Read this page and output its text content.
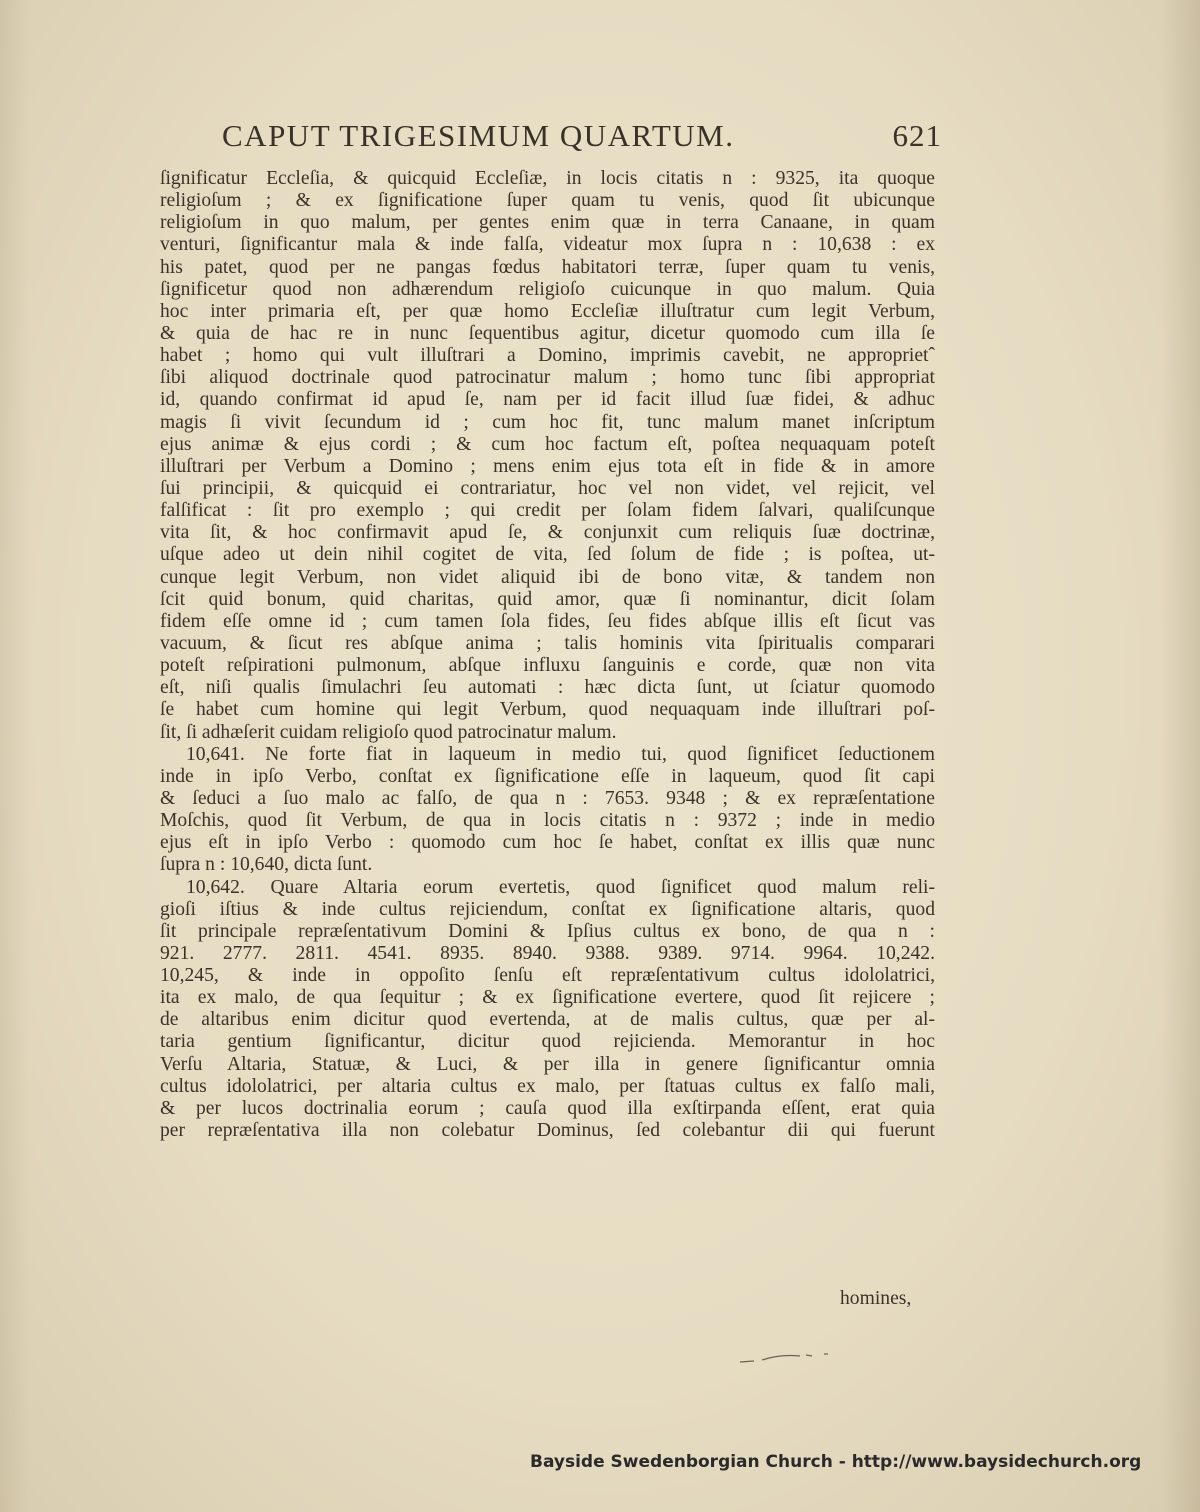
CAPUT TRIGESIMUM QUARTUM.	621
ſignificatur Eccleſia, & quicquid Eccleſiæ, in locis citatis n : 9325, ita quoque
religioſum ; & ex ſignificatione ſuper quam tu venis, quod ſit ubicunque
religioſum in quo malum, per gentes enim quæ in terra Canaane, in quam
venturi, ſignificantur mala & inde falſa, videatur mox ſupra n : 10,638 : ex
his patet, quod per ne pangas fœdus habitatori terræ, ſuper quam tu venis,
ſignificetur quod non adhærendum religioſo cuicunque in quo malum. Quia
hoc inter primaria eſt, per quæ homo Eccleſiæ illuſtratur cum legit Verbum,
& quia de hac re in nunc ſequentibus agitur, dicetur quomodo cum illa ſe
habet ; homo qui vult illuſtrari a Domino, imprimis cavebit, ne approprietˆ
ſibi aliquod doctrinale quod patrocinatur malum ; homo tunc ſibi appropriat
id, quando confirmat id apud ſe, nam per id facit illud ſuæ fidei, & adhuc
magis ſi vivit ſecundum id ; cum hoc fit, tunc malum manet inſcriptum
ejus animæ & ejus cordi ; & cum hoc factum eſt, poſtea nequaquam poteſt
illuſtrari per Verbum a Domino ; mens enim ejus tota eſt in fide & in amore
ſui principii, & quicquid ei contrariatur, hoc vel non videt, vel rejicit, vel
falſificat : ſit pro exemplo ; qui credit per ſolam fidem ſalvari, qualiſcunque
vita ſit, & hoc confirmavit apud ſe, & conjunxit cum reliquis ſuæ doctrinæ,
uſque adeo ut dein nihil cogitet de vita, ſed ſolum de fide ; is poſtea, ut-
cunque legit Verbum, non videt aliquid ibi de bono vitæ, & tandem non
ſcit quid bonum, quid charitas, quid amor, quæ ſi nominantur, dicit ſolam
fidem eſſe omne id ; cum tamen ſola fides, ſeu fides abſque illis eſt ſicut vas
vacuum, & ſicut res abſque anima ; talis hominis vita ſpiritualis comparari
poteſt reſpirationi pulmonum, abſque influxu ſanguinis e corde, quæ non vita
eſt, niſi qualis ſimulachri ſeu automati : hæc dicta ſunt, ut ſciatur quomodo
ſe habet cum homine qui legit Verbum, quod nequaquam inde illuſtrari poſ-
ſit, ſi adhæſerit cuidam religioſo quod patrocinatur malum.
10,641. Ne forte fiat in laqueum in medio tui, quod ſignificet ſeductionem
inde in ipſo Verbo, conſtat ex ſignificatione eſſe in laqueum, quod ſit capi
& ſeduci a ſuo malo ac falſo, de qua n : 7653. 9348 ; & ex repræſentatione
Moſchis, quod ſit Verbum, de qua in locis citatis n : 9372 ; inde in medio
ejus eſt in ipſo Verbo : quomodo cum hoc ſe habet, conſtat ex illis quæ nunc
ſupra n : 10,640, dicta ſunt.
10,642. Quare Altaria eorum evertetis, quod ſignificet quod malum reli-
gioſi iſtius & inde cultus rejiciendum, conſtat ex ſignificatione altaris, quod
ſit principale repræſentativum Domini & Ipſius cultus ex bono, de qua n :
921. 2777. 2811. 4541. 8935. 8940. 9388. 9389. 9714. 9964. 10,242.
10,245, & inde in oppoſito ſenſu eſt repræſentativum cultus idololatrici,
ita ex malo, de qua ſequitur ; & ex ſignificatione evertere, quod ſit rejicere ;
de altaribus enim dicitur quod evertenda, at de malis cultus, quæ per al-
taria gentium ſignificantur, dicitur quod rejicienda. Memorantur in hoc
Verſu Altaria, Statuæ, & Luci, & per illa in genere ſignificantur omnia
cultus idololatrici, per altaria cultus ex malo, per ſtatuas cultus ex falſo mali,
& per lucos doctrinalia eorum ; cauſa quod illa exſtirpanda eſſent, erat quia
per repræſentativa illa non colebatur Dominus, ſed colebantur dii qui fuerunt
homines,
Bayside Swedenborgian Church - http://www.baysidechurch.org
